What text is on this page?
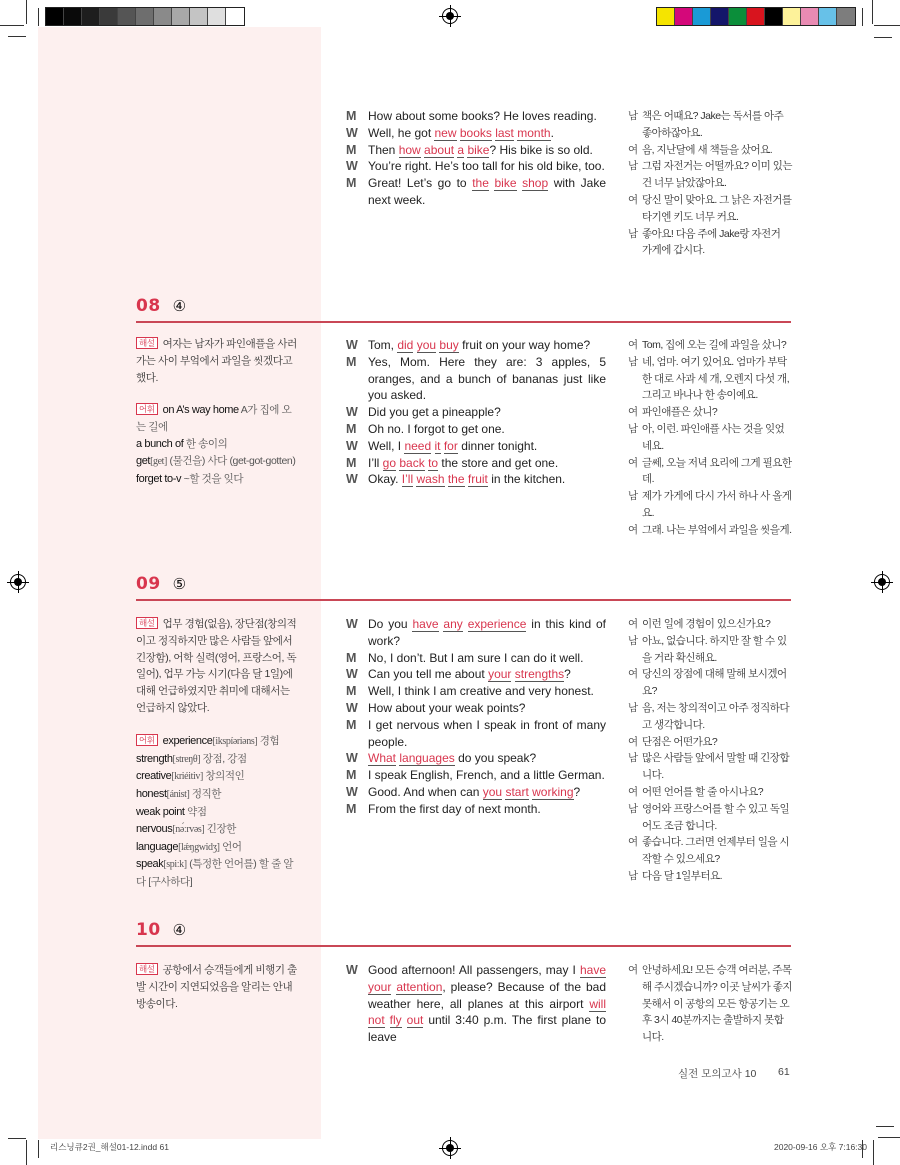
M How about some books? He loves reading.
W Well, he got new books last month.
M Then how about a bike? His bike is so old.
W You’re right. He’s too tall for his old bike, too.
M Great! Let’s go to the bike shop with Jake next week.
남 책은 어때요? Jake는 독서를 아주 좋아하잖아요.
여 음, 지난달에 새 책들을 샀어요.
남 그럼 자전거는 어떨까요? 이미 있는 건 너무 낡았잖아요.
여 당신 말이 맞아요. 그 낡은 자전거를 타기엔 키도 너무 커요.
남 좋아요! 다음 주에 Jake랑 자전거 가게에 갑시다.
08 ④
해설 여자는 남자가 파인애플을 사러 가는 사이 부엌에서 과일을 씻겠다고 했다.
어휘 on A’s way home A가 집에 오는 길에
a bunch of 한 송이의
get[get] (물건을) 사다 (get-got-gotten)
forget to-v ~할 것을 잊다
W Tom, did you buy fruit on your way home?
M Yes, Mom. Here they are: 3 apples, 5 oranges, and a bunch of bananas just like you asked.
W Did you get a pineapple?
M Oh no. I forgot to get one.
W Well, I need it for dinner tonight.
M I’ll go back to the store and get one.
W Okay. I’ll wash the fruit in the kitchen.
여 Tom, 집에 오는 길에 과일을 샀니?
남 네, 엄마. 여기 있어요. 엄마가 부탁한 대로 사과 세 개, 오렌지 다섯 개, 그리고 바나나 한 송이예요.
여 파인애플은 샀니?
남 아, 이런. 파인애플 사는 것을 잊었네요.
여 글쎄, 오늘 저녁 요리에 그게 필요한데.
남 제가 가게에 다시 가서 하나 사 올게요.
여 그래. 나는 부엌에서 과일을 씻을게.
09 ⑤
해설 업무 경험(없음), 장단점(창의적이고 정직하지만 많은 사람들 앞에서 긴장함), 어학 실력(영어, 프랑스어, 독일어), 업무 가능 시기(다음 달 1일)에 대해 언급하였지만 취미에 대해서는 언급하지 않았다.
어휘 experience[ikspíəriəns] 경험
strength[streŋθ] 장점, 강점
creative[kriéitiv] 창의적인
honest[ánist] 정직한
weak point 약점
nervous[nə́ːrvəs] 긴장한
language[lǽŋgwidʒ] 언어
speak[spiːk] (특정한 언어를) 할 줄 알다 [구사하다]
W Do you have any experience in this kind of work?
M No, I don’t. But I am sure I can do it well.
W Can you tell me about your strengths?
M Well, I think I am creative and very honest.
W How about your weak points?
M I get nervous when I speak in front of many people.
W What languages do you speak?
M I speak English, French, and a little German.
W Good. And when can you start working?
M From the first day of next month.
여 이런 일에 경험이 있으신가요?
남 아뇨, 없습니다. 하지만 잘 할 수 있을 거라 확신해요.
여 당신의 장점에 대해 말해 보시겠어요?
남 음, 저는 창의적이고 아주 정직하다고 생각합니다.
여 단점은 어떤가요?
남 많은 사람들 앞에서 말할 때 긴장합니다.
여 어떤 언어를 할 줄 아시나요?
남 영어와 프랑스어를 할 수 있고 독일어도 조금 합니다.
여 좋습니다. 그러면 언제부터 일을 시작할 수 있으세요?
남 다음 달 1일부터요.
10 ④
해설 공항에서 승객들에게 비행기 출발 시간이 지연되었음을 알리는 안내 방송이다.
W Good afternoon! All passengers, may I have your attention, please? Because of the bad weather here, all planes at this airport will not fly out until 3:40 p.m. The first plane to leave
여 안녕하세요! 모든 승객 여러분, 주목해 주시겠습니까? 이곳 날씨가 좋지 못해서 이 공항의 모든 항공기는 오후 3시 40분까지는 출발하지 못합니다.
실전 모의고사 10 61
리스닝큐2권_해설01-12.indd 61	2020-09-16 오후 7:16:30
